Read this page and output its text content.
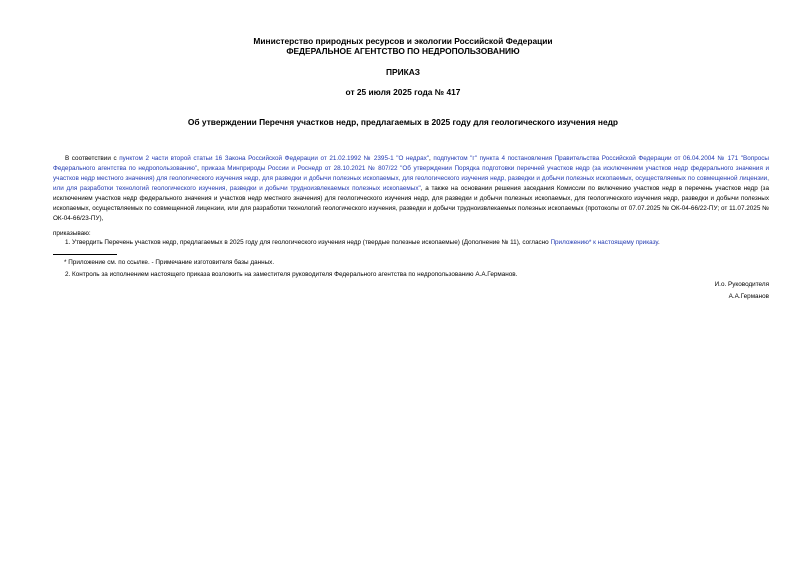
Министерство природных ресурсов и экологии Российской Федерации
ФЕДЕРАЛЬНОЕ АГЕНТСТВО ПО НЕДРОПОЛЬЗОВАНИЮ
ПРИКАЗ
от 25 июля 2025 года № 417
Об утверждении Перечня участков недр, предлагаемых в 2025 году для геологического изучения недр
В соответствии с пунктом 2 части второй статьи 16 Закона Российской Федерации от 21.02.1992 № 2395-1 "О недрах", подпунктом "г" пункта 4 постановления Правительства Российской Федерации от 06.04.2004 № 171 "Вопросы Федерального агентства по недропользованию", приказа Минприроды России и Роснедр от 28.10.2021 № 807/22 "Об утверждении Порядка подготовки перечней участков недр (за исключением участков недр федерального значения и участков недр местного значения) для геологического изучения недр, для разведки и добычи полезных ископаемых, для геологического изучения недр, разведки и добычи полезных ископаемых, осуществляемых по совмещенной лицензии, или для разработки технологий геологического изучения, разведки и добычи трудноизвлекаемых полезных ископаемых", а также на основании решения заседания Комиссии по включению участков недр в перечень участков недр (за исключением участков недр федерального значения и участков недр местного значения) для геологического изучения недр, для разведки и добычи полезных ископаемых, для геологического изучения недр, разведки и добычи полезных ископаемых, осуществляемых по совмещенной лицензии, или для разработки технологий геологического изучения, разведки и добычи трудноизвлекаемых полезных ископаемых (протоколы от 07.07.2025 № ОК-04-66/22-ПУ; от 11.07.2025 № ОК-04-66/23-ПУ),
приказываю:
1. Утвердить Перечень участков недр, предлагаемых в 2025 году для геологического изучения недр (твердые полезные ископаемые) (Дополнение № 11), согласно Приложению* к настоящему приказу.
* Приложение см. по ссылке. - Примечание изготовителя базы данных.
2. Контроль за исполнением настоящего приказа возложить на заместителя руководителя Федерального агентства по недропользованию А.А.Германов.
И.о. Руководителя
А.А.Германов
